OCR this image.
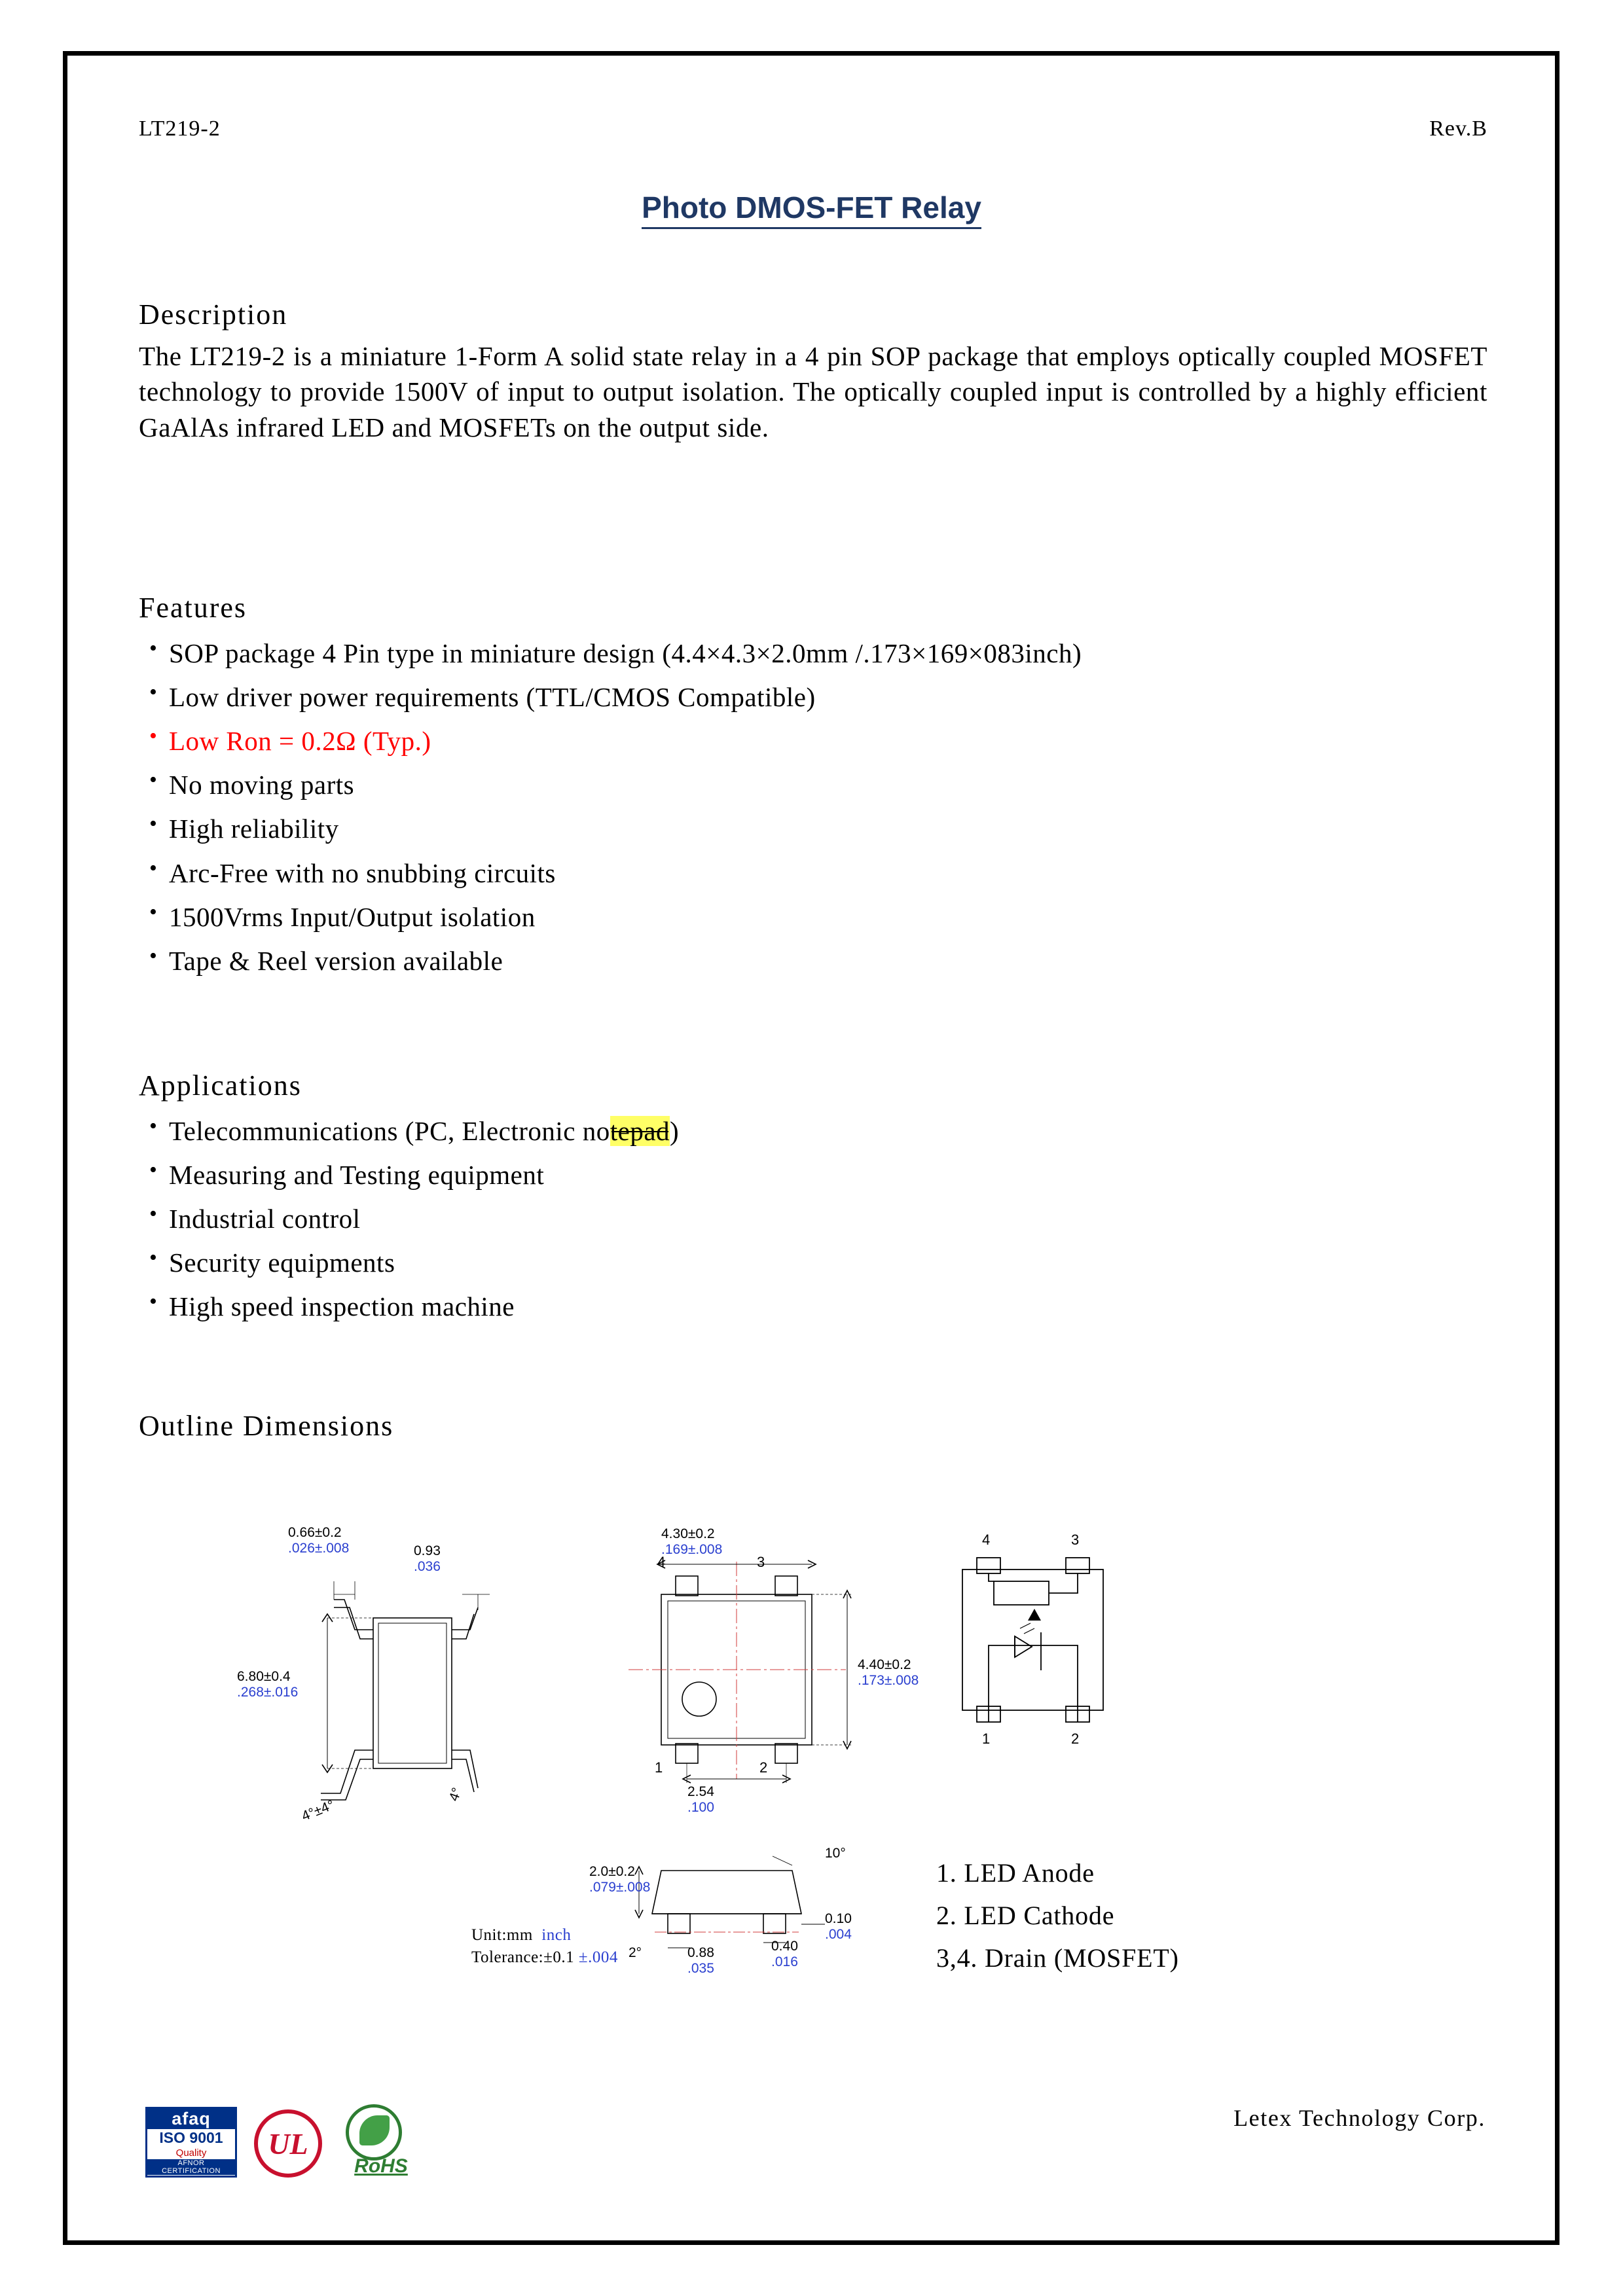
LT219-2	Rev.B
Photo DMOS-FET Relay
Description
The LT219-2 is a miniature 1-Form A solid state relay in a 4 pin SOP package that employs optically coupled MOSFET technology to provide 1500V of input to output isolation. The optically coupled input is controlled by a highly efficient GaAlAs infrared LED and MOSFETs on the output side.
Features
• SOP package 4 Pin type in miniature design (4.4×4.3×2.0mm /.173×169×083inch)
• Low driver power requirements (TTL/CMOS Compatible)
• Low Ron = 0.2Ω (Typ.)
• No moving parts
• High reliability
• Arc-Free with no snubbing circuits
• 1500Vrms Input/Output isolation
• Tape & Reel version available
Applications
• Telecommunications (PC, Electronic notepad)
• Measuring and Testing equipment
• Industrial control
• Security equipments
• High speed inspection machine
Outline Dimensions
0.66±0.2
.026±.008	0.93
.036
6.80±0.4
.268±.016
4°±4°
4°
4.30±0.2
.169±.008
4.40±0.2
.173±.008
2.54
.100
4	3
1	2
2.0±0.2
.079±.008
0.10
.004
0.88
.035
0.40
.016
10°
2°
Unit:mm inch
Tolerance:±0.1 ±.004
4	3
1	2
1. LED Anode
2. LED Cathode
3,4. Drain (MOSFET)
Letex Technology Corp.
afaq
ISO 9001
Quality
AFNOR CERTIFICATION
UL
RoHS
